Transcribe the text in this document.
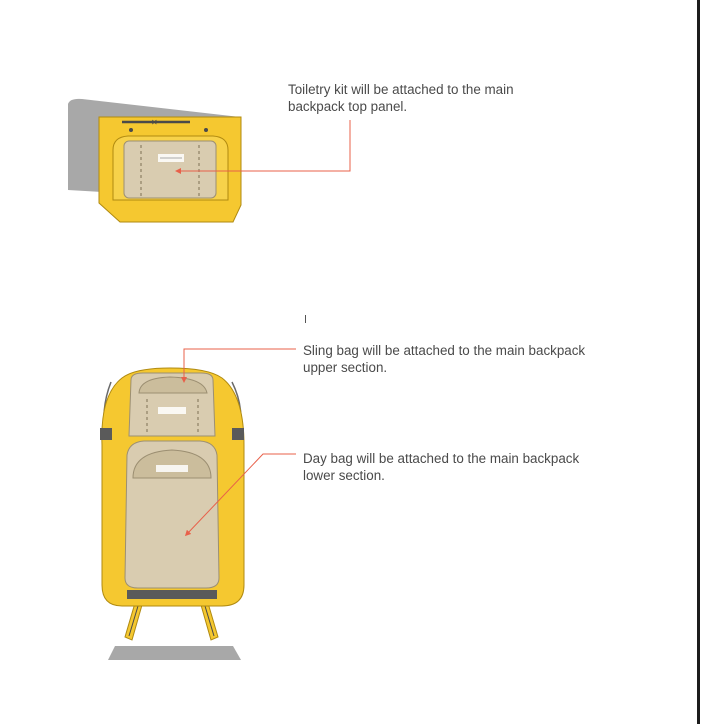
✕
Toiletry kit will be attached to the main
backpack top panel.
Sling bag will be attached to the main backpack
upper section.
Day bag will be attached to the main backpack
lower section.
